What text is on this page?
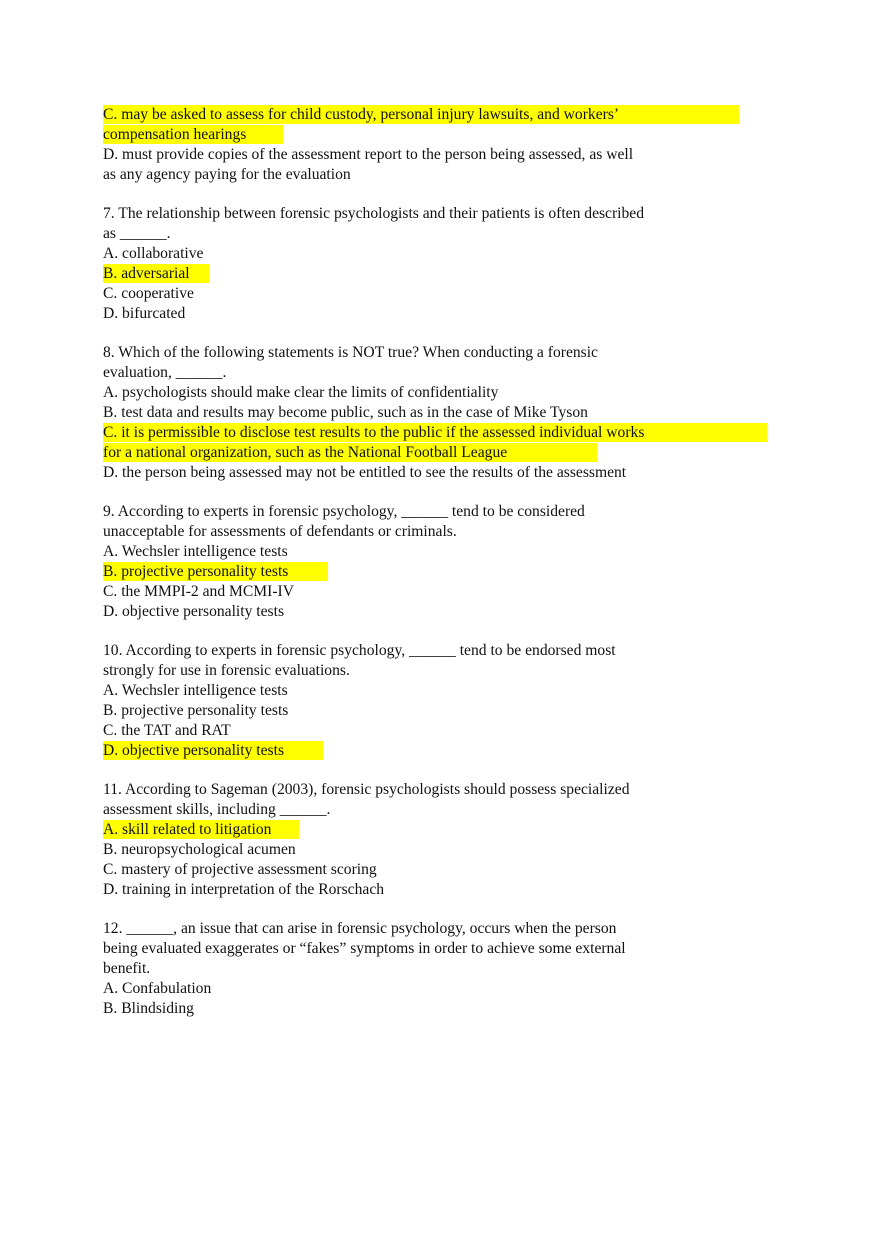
C. may be asked to assess for child custody, personal injury lawsuits, and workers’
compensation hearings
D. must provide copies of the assessment report to the person being assessed, as well
as any agency paying for the evaluation
7. The relationship between forensic psychologists and their patients is often described
as ______.
A. collaborative
B. adversarial
C. cooperative
D. bifurcated
8. Which of the following statements is NOT true? When conducting a forensic
evaluation, ______.
A. psychologists should make clear the limits of confidentiality
B. test data and results may become public, such as in the case of Mike Tyson
C. it is permissible to disclose test results to the public if the assessed individual works
for a national organization, such as the National Football League
D. the person being assessed may not be entitled to see the results of the assessment
9. According to experts in forensic psychology, ______ tend to be considered
unacceptable for assessments of defendants or criminals.
A. Wechsler intelligence tests
B. projective personality tests
C. the MMPI-2 and MCMI-IV
D. objective personality tests
10. According to experts in forensic psychology, ______ tend to be endorsed most
strongly for use in forensic evaluations.
A. Wechsler intelligence tests
B. projective personality tests
C. the TAT and RAT
D. objective personality tests
11. According to Sageman (2003), forensic psychologists should possess specialized
assessment skills, including ______.
A. skill related to litigation
B. neuropsychological acumen
C. mastery of projective assessment scoring
D. training in interpretation of the Rorschach
12. ______, an issue that can arise in forensic psychology, occurs when the person
being evaluated exaggerates or “fakes” symptoms in order to achieve some external
benefit.
A. Confabulation
B. Blindsiding
